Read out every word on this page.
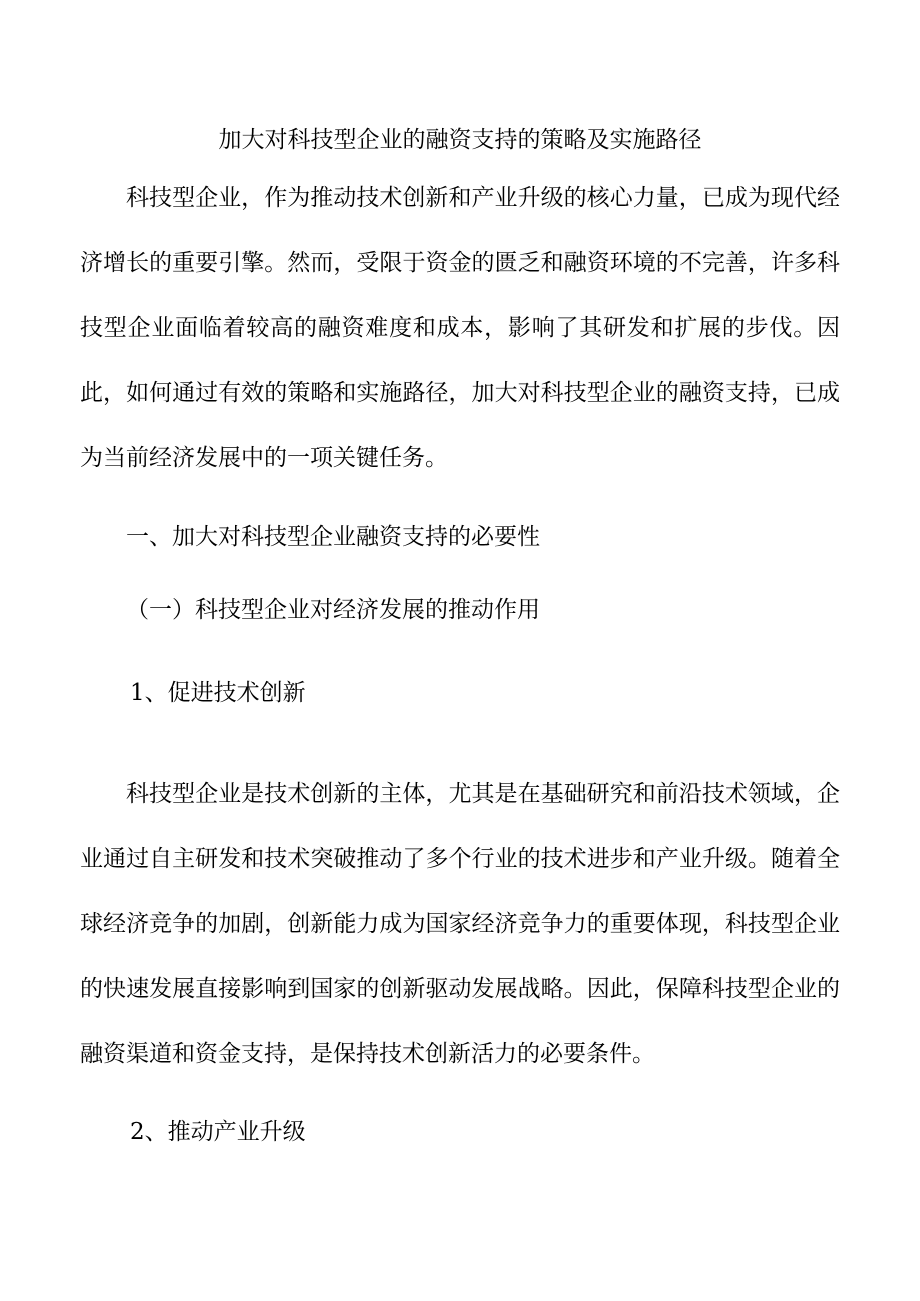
加大对科技型企业的融资支持的策略及实施路径
科技型企业，作为推动技术创新和产业升级的核心力量，已成为现代经济增长的重要引擎。然而，受限于资金的匮乏和融资环境的不完善，许多科技型企业面临着较高的融资难度和成本，影响了其研发和扩展的步伐。因此，如何通过有效的策略和实施路径，加大对科技型企业的融资支持，已成为当前经济发展中的一项关键任务。
一、加大对科技型企业融资支持的必要性
（一）科技型企业对经济发展的推动作用
1、促进技术创新
科技型企业是技术创新的主体，尤其是在基础研究和前沿技术领域，企业通过自主研发和技术突破推动了多个行业的技术进步和产业升级。随着全球经济竞争的加剧，创新能力成为国家经济竞争力的重要体现，科技型企业的快速发展直接影响到国家的创新驱动发展战略。因此，保障科技型企业的融资渠道和资金支持，是保持技术创新活力的必要条件。
2、推动产业升级
